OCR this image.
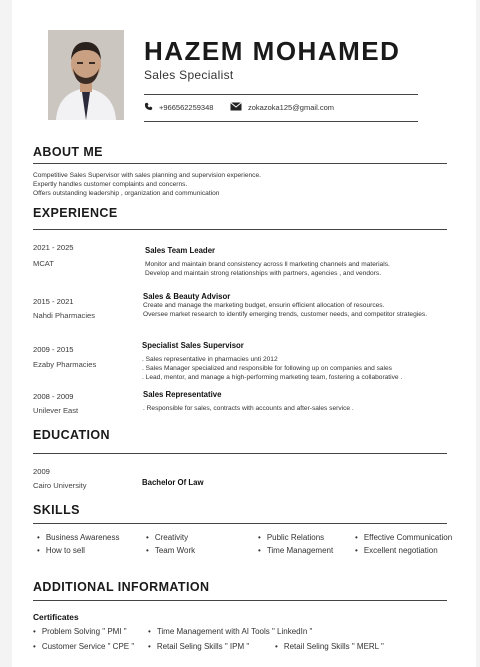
HAZEM MOHAMED
Sales Specialist
+966562259348	zokazoka125@gmail.com
ABOUT ME
Competitive Sales Supervisor with sales planning and supervision experience.
Expertly handles customer complaints and concerns.
Offers outstanding leadership , organization and communication
EXPERIENCE
2021 - 2025
MCAT
Sales Team Leader
Monitor and maintain brand consistency across ll marketing channels and materials.
Develop and maintain strong relationships with partners, agencies , and vendors.
2015 - 2021
Nahdi Pharmacies
Sales & Beauty Advisor
Create and manage the marketing budget, ensurin efficient allocation of resources.
Oversee market research to identify emerging trends, customer needs, and competitor strategies.
2009 - 2015
Ezaby Pharmacies
Specialist Sales Supervisor
. Sales representative in pharmacies unti 2012
. Sales Manager specialized and responsible for following up on companies and sales
. Lead, mentor, and manage a high-performing marketing team, fostering a collaborative .
2008 - 2009
Unilever East
Sales Representative
. Responsible for sales, contracts with accounts and after-sales service .
EDUCATION
2009
Cairo University	Bachelor Of Law
SKILLS
• Business Awareness	• Creativity	• Public Relations	• Effective Communication
• How to sell	• Team Work	• Time Management	• Excellent negotiation
ADDITIONAL INFORMATION
Certificates
• Problem Solving " PMI "	• Time Management with AI Tools " LinkedIn "
• Customer Service " CPE "	• Retail Seling Skills " IPM "	• Retail Seling Skills " MERL "
